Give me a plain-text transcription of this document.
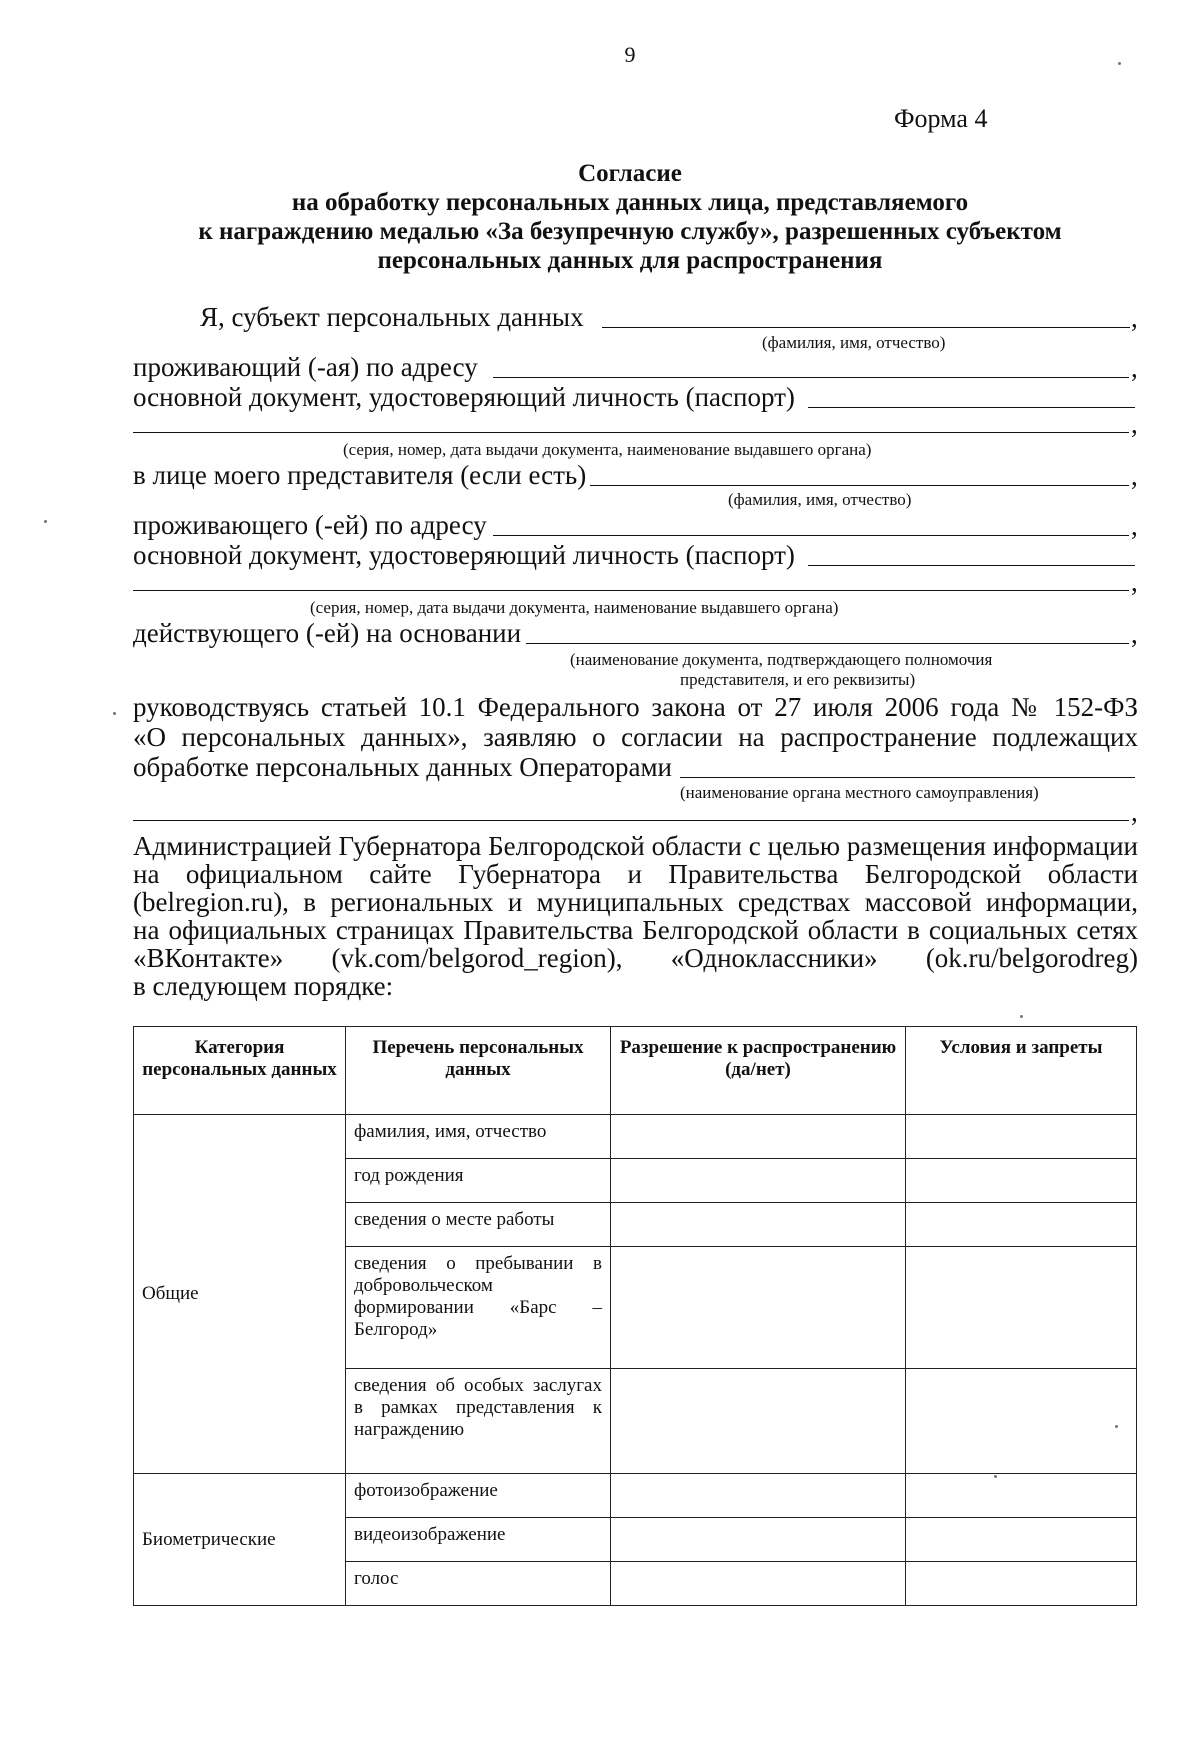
9
Форма 4
Согласие
на обработку персональных данных лица, представляемого
к награждению медалью «За безупречную службу», разрешенных субъектом
персональных данных для распространения
Я, субъект персональных данных	,
(фамилия, имя, отчество)
проживающий (-ая) по адресу	,
основной документ, удостоверяющий личность (паспорт)
,
(серия, номер, дата выдачи документа, наименование выдавшего органа)
в лице моего представителя (если есть)	,
(фамилия, имя, отчество)
проживающего (-ей) по адресу	,
основной документ, удостоверяющий личность (паспорт)
,
(серия, номер, дата выдачи документа, наименование выдавшего органа)
действующего (-ей) на основании	,
(наименование документа, подтверждающего полномочия
представителя, и его реквизиты)
руководствуясь статьей 10.1 Федерального закона от 27 июля 2006 года № 152-ФЗ
«О персональных данных», заявляю о согласии на распространение подлежащих
обработке персональных данных Операторами
(наименование органа местного самоуправления)
,
Администрацией Губернатора Белгородской области с целью размещения информации
на официальном сайте Губернатора и Правительства Белгородской области
(belregion.ru), в региональных и муниципальных средствах массовой информации,
на официальных страницах Правительства Белгородской области в социальных сетях
«ВКонтакте» (vk.com/belgorod_region), «Одноклассники» (ok.ru/belgorodreg)
в следующем порядке:
Категория персональных данных	Перечень персональных данных	Разрешение к распространению (да/нет)	Условия и запреты
Общие	фамилия, имя, отчество		
	год рождения		
	сведения о месте работы		
	сведения о пребывании в добровольческом формировании «Барс – Белгород»		
	сведения об особых заслугах в рамках представления к награждению		
Биометрические	фотоизображение		
	видеоизображение		
	голос		
